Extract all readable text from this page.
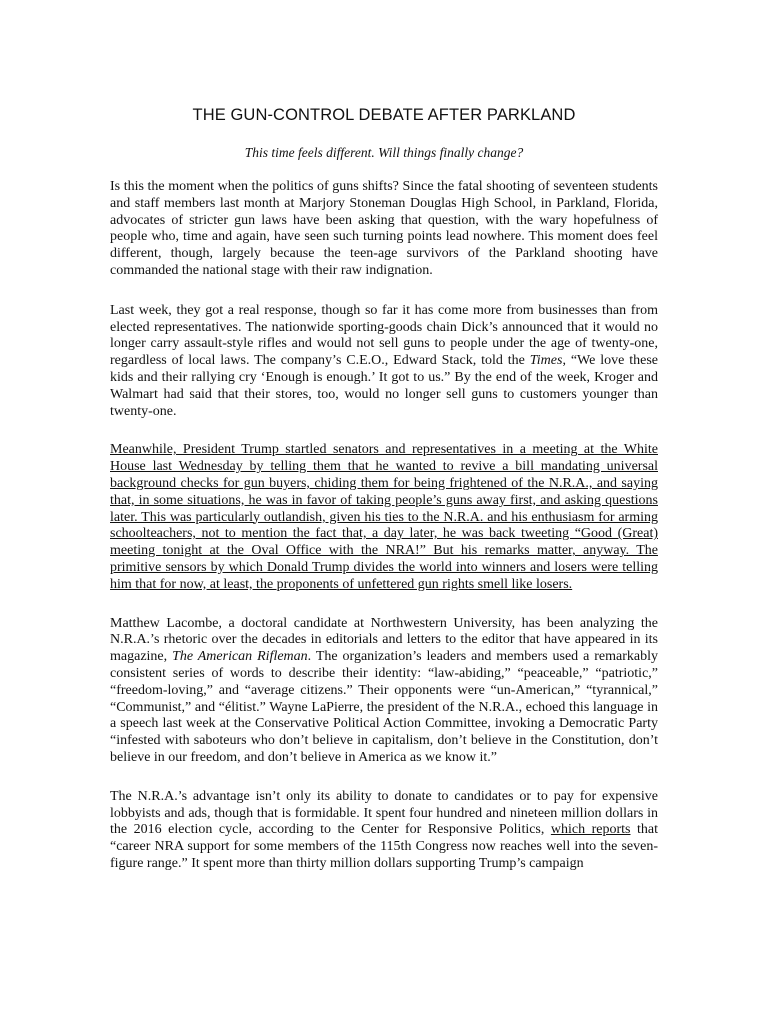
THE GUN-CONTROL DEBATE AFTER PARKLAND

This time feels different. Will things finally change?

Is this the moment when the politics of guns shifts? Since the fatal shooting of seventeen students and staff members last month at Marjory Stoneman Douglas High School, in Parkland, Florida, advocates of stricter gun laws have been asking that question, with the wary hopefulness of people who, time and again, have seen such turning points lead nowhere. This moment does feel different, though, largely because the teen-age survivors of the Parkland shooting have commanded the national stage with their raw indignation.

Last week, they got a real response, though so far it has come more from businesses than from elected representatives. The nationwide sporting-goods chain Dick’s announced that it would no longer carry assault-style rifles and would not sell guns to people under the age of twenty-one, regardless of local laws. The company’s C.E.O., Edward Stack, told the Times, “We love these kids and their rallying cry ‘Enough is enough.’ It got to us.” By the end of the week, Kroger and Walmart had said that their stores, too, would no longer sell guns to customers younger than twenty-one.

Meanwhile, President Trump startled senators and representatives in a meeting at the White House last Wednesday by telling them that he wanted to revive a bill mandating universal background checks for gun buyers, chiding them for being frightened of the N.R.A., and saying that, in some situations, he was in favor of taking people’s guns away first, and asking questions later. This was particularly outlandish, given his ties to the N.R.A. and his enthusiasm for arming schoolteachers, not to mention the fact that, a day later, he was back tweeting “Good (Great) meeting tonight at the Oval Office with the NRA!” But his remarks matter, anyway. The primitive sensors by which Donald Trump divides the world into winners and losers were telling him that for now, at least, the proponents of unfettered gun rights smell like losers.

Matthew Lacombe, a doctoral candidate at Northwestern University, has been analyzing the N.R.A.’s rhetoric over the decades in editorials and letters to the editor that have appeared in its magazine, The American Rifleman. The organization’s leaders and members used a remarkably consistent series of words to describe their identity: “law-abiding,” “peaceable,” “patriotic,” “freedom-loving,” and “average citizens.” Their opponents were “un-American,” “tyrannical,” “Communist,” and “élitist.” Wayne LaPierre, the president of the N.R.A., echoed this language in a speech last week at the Conservative Political Action Committee, invoking a Democratic Party “infested with saboteurs who don’t believe in capitalism, don’t believe in the Constitution, don’t believe in our freedom, and don’t believe in America as we know it.”

The N.R.A.’s advantage isn’t only its ability to donate to candidates or to pay for expensive lobbyists and ads, though that is formidable. It spent four hundred and nineteen million dollars in the 2016 election cycle, according to the Center for Responsive Politics, which reports that “career NRA support for some members of the 115th Congress now reaches well into the seven-figure range.” It spent more than thirty million dollars supporting Trump’s campaign
